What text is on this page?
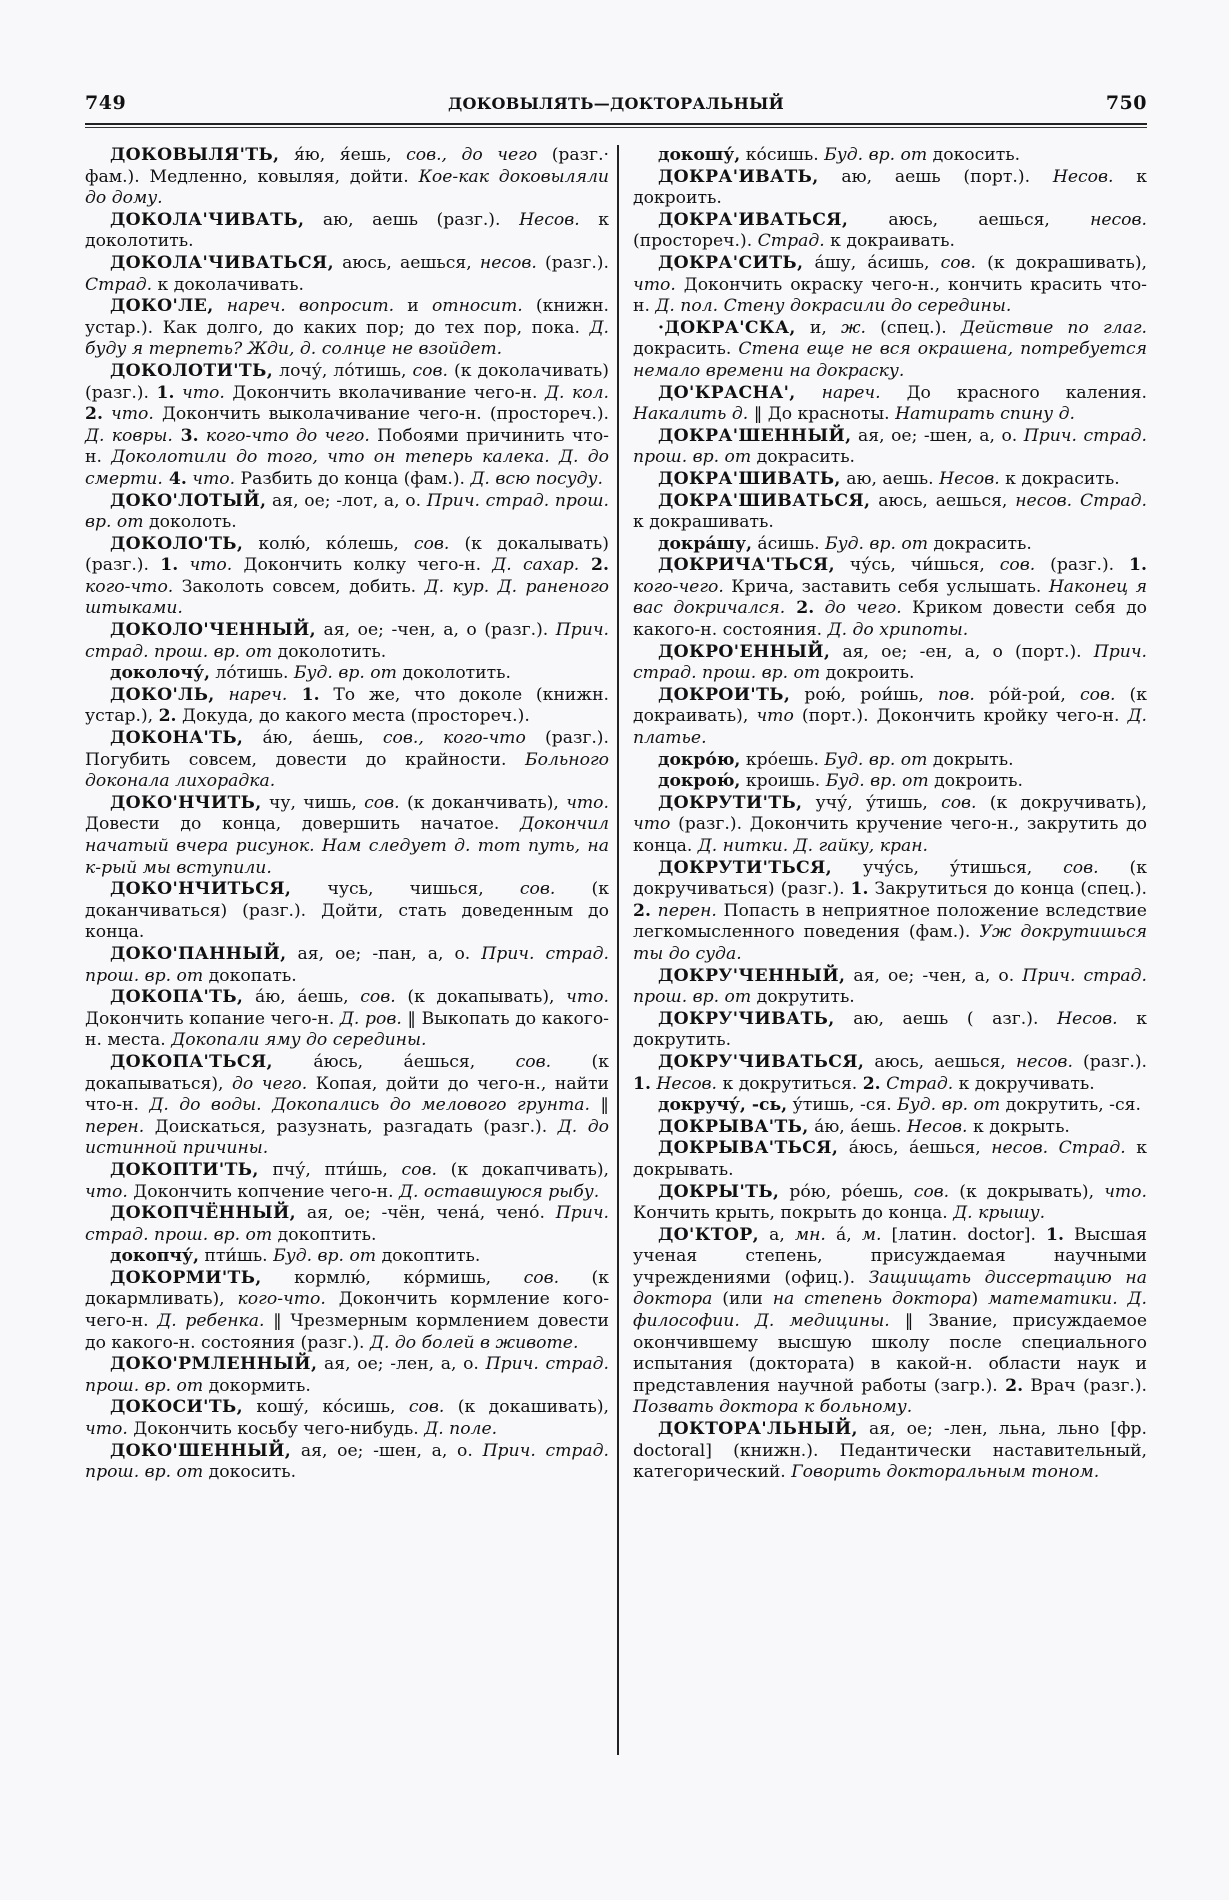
749	ДОКОВЫЛЯТЬ—ДОКТОРАЛЬНЫЙ	750

ДОКОВЫЛЯ'ТЬ, я́ю, я́ешь, сов., до чего (разг.· фам.). Медленно, ковыляя, дойти. Кое-как доковыляли до дому.

ДОКОЛА'ЧИВАТЬ, аю, аешь (разг.). Несов. к доколотить.

ДОКОЛА'ЧИВАТЬСЯ, аюсь, аешься, несов. (разг.). Страд. к доколачивать.

ДОКО'ЛЕ, нареч. вопросит. и относит. (книжн. устар.). Как долго, до каких пор; до тех пор, пока. Д. буду я терпеть? Жди, д. солнце не взойдет.

ДОКОЛОТИ'ТЬ, лочу́, ло́тишь, сов. (к доколачивать) (разг.). 1. что. Докончить вколачивание чего-н. Д. кол. 2. что. Докончить выколачивание чего-н. (простореч.). Д. ковры. 3. кого-что до чего. Побоями причинить что-н. Доколотили до того, что он теперь калека. Д. до смерти. 4. что. Разбить до конца (фам.). Д. всю посуду.

ДОКО'ЛОТЫЙ, ая, ое; -лот, а, о. Прич. страд. прош. вр. от доколоть.

ДОКОЛО'ТЬ, колю́, ко́лешь, сов. (к докалывать) (разг.). 1. что. Докончить колку чего-н. Д. сахар. 2. кого-что. Заколоть совсем, добить. Д. кур. Д. раненого штыками.

ДОКОЛО'ЧЕННЫЙ, ая, ое; -чен, а, о (разг.). Прич. страд. прош. вр. от доколотить.

доколочу́, ло́тишь. Буд. вр. от доколотить.

ДОКО'ЛЬ, нареч. 1. То же, что доколе (книжн. устар.), 2. Докуда, до какого места (простореч.).

ДОКОНА'ТЬ, а́ю, а́ешь, сов., кого-что (разг.). Погубить совсем, довести до крайности. Больного доконала лихорадка.

ДОКО'НЧИТЬ, чу, чишь, сов. (к доканчивать), что. Довести до конца, довершить начатое. Докончил начатый вчера рисунок. Нам следует д. тот путь, на к-рый мы вступили.

ДОКО'НЧИТЬСЯ, чусь, чишься, сов. (к доканчиваться) (разг.). Дойти, стать доведенным до конца.

ДОКО'ПАННЫЙ, ая, ое; -пан, а, о. Прич. страд. прош. вр. от докопать.

ДОКОПА'ТЬ, а́ю, а́ешь, сов. (к докапывать), что. Докончить копание чего-н. Д. ров. ‖ Выкопать до какого-н. места. Докопали яму до середины.

ДОКОПА'ТЬСЯ, а́юсь, а́ешься, сов. (к докапываться), до чего. Копая, дойти до чего-н., найти что-н. Д. до воды. Докопались до мелового грунта. ‖ перен. Доискаться, разузнать, разгадать (разг.). Д. до истинной причины.

ДОКОПТИ'ТЬ, пчу́, пти́шь, сов. (к докапчивать), что. Докончить копчение чего-н. Д. оставшуюся рыбу.

ДОКОПЧЁННЫЙ, ая, ое; -чён, чена́, чено́. Прич. страд. прош. вр. от докоптить.

докопчу́, пти́шь. Буд. вр. от докоптить.

ДОКОРМИ'ТЬ, кормлю́, ко́рмишь, сов. (к докармливать), кого-что. Докончить кормление кого-чего-н. Д. ребенка. ‖ Чрезмерным кормлением довести до какого-н. состояния (разг.). Д. до болей в животе.

ДОКО'РМЛЕННЫЙ, ая, ое; -лен, а, о. Прич. страд. прош. вр. от докормить.

ДОКОСИ'ТЬ, кошу́, ко́сишь, сов. (к докашивать), что. Докончить косьбу чего-нибудь. Д. поле.

ДОКО'ШЕННЫЙ, ая, ое; -шен, а, о. Прич. страд. прош. вр. от докосить.

докошу́, ко́сишь. Буд. вр. от докосить.

ДОКРА'ИВАТЬ, аю, аешь (порт.). Несов. к докроить.

ДОКРА'ИВАТЬСЯ, аюсь, аешься, несов. (простореч.). Страд. к докраивать.

ДОКРА'СИТЬ, а́шу, а́сишь, сов. (к докрашивать), что. Докончить окраску чего-н., кончить красить что-н. Д. пол. Стену докрасили до середины.

·ДОКРА'СКА, и, ж. (спец.). Действие по глаг. докрасить. Стена еще не вся окрашена, потребуется немало времени на докраску.

ДО'КРАСНА', нареч. До красного каления. Накалить д. ‖ До красноты. Натирать спину д.

ДОКРА'ШЕННЫЙ, ая, ое; -шен, а, о. Прич. страд. прош. вр. от докрасить.

ДОКРА'ШИВАТЬ, аю, аешь. Несов. к докрасить.

ДОКРА'ШИВАТЬСЯ, аюсь, аешься, несов. Страд. к докрашивать.

докра́шу, а́сишь. Буд. вр. от докрасить.

ДОКРИЧА'ТЬСЯ, чу́сь, чи́шься, сов. (разг.). 1. кого-чего. Крича, заставить себя услышать. Наконец я вас докричался. 2. до чего. Криком довести себя до какого-н. состояния. Д. до хрипоты.

ДОКРО'ЕННЫЙ, ая, ое; -ен, а, о (порт.). Прич. страд. прош. вр. от докроить.

ДОКРОИ'ТЬ, рою́, рои́шь, пов. ро́й-рои́, сов. (к докраивать), что (порт.). Докончить кройку чего-н. Д. платье.

докро́ю, кро́ешь. Буд. вр. от докрыть.

докрою́, кроишь. Буд. вр. от докроить.

ДОКРУТИ'ТЬ, учу́, у́тишь, сов. (к докручивать), что (разг.). Докончить кручение чего-н., закрутить до конца. Д. нитки. Д. гайку, кран.

ДОКРУТИ'ТЬСЯ, учу́сь, у́тишься, сов. (к докручиваться) (разг.). 1. Закрутиться до конца (спец.). 2. перен. Попасть в неприятное положение вследствие легкомысленного поведения (фам.). Уж докрутишься ты до суда.

ДОКРУ'ЧЕННЫЙ, ая, ое; -чен, а, о. Прич. страд. прош. вр. от докрутить.

ДОКРУ'ЧИВАТЬ, аю, аешь ( азг.). Несов. к докрутить.

ДОКРУ'ЧИВАТЬСЯ, аюсь, аешься, несов. (разг.). 1. Несов. к докрутиться. 2. Страд. к докручивать.

докручу́, -сь, у́тишь, -ся. Буд. вр. от докрутить, -ся.

ДОКРЫВА'ТЬ, а́ю, а́ешь. Несов. к докрыть.

ДОКРЫВА'ТЬСЯ, а́юсь, а́ешься, несов. Страд. к докрывать.

ДОКРЫ'ТЬ, ро́ю, ро́ешь, сов. (к докрывать), что. Кончить крыть, покрыть до конца. Д. крышу.

ДО'КТОР, а, мн. а́, м. [латин. doctor]. 1. Высшая ученая степень, присуждаемая научными учреждениями (офиц.). Защищать диссертацию на доктора (или на степень доктора) математики. Д. философии. Д. медицины. ‖ Звание, присуждаемое окончившему высшую школу после специального испытания (доктората) в какой-н. области наук и представления научной работы (загр.). 2. Врач (разг.). Позвать доктора к больному.

ДОКТОРА'ЛЬНЫЙ, ая, ое; -лен, льна, льно [фр. doctoral] (книжн.). Педантически наставительный, категорический. Говорить докторальным тоном.
